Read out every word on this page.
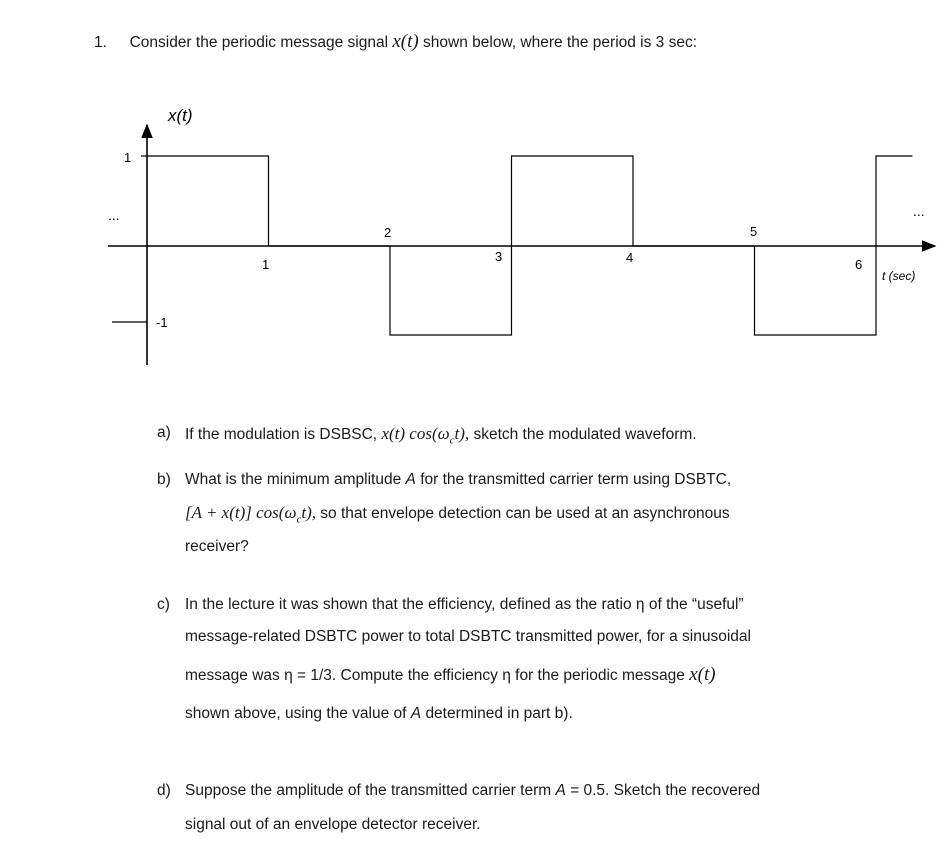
1. Consider the periodic message signal x(t) shown below, where the period is 3 sec:
x(t)
t (sec)
1
-1
1
2
3	4
5
6
...	...
a) If the modulation is DSBSC, x(t) $\cos(\omega_ct)$, sketch the modulated waveform.
b) What is the minimum amplitude A for the transmitted carrier term using DSBTC,
[A + x(t)] $\cos(\omega_ct)$, so that envelope detection can be used at an asynchronous
receiver?
c) In the lecture it was shown that the efficiency, defined as the ratio η of the “useful”
message-related DSBTC power to total DSBTC transmitted power, for a sinusoidal
message was η = 1/3. Compute the efficiency η for the periodic message x(t)
shown above, using the value of A determined in part b).
d) Suppose the amplitude of the transmitted carrier term A = 0.5. Sketch the recovered
signal out of an envelope detector receiver.
